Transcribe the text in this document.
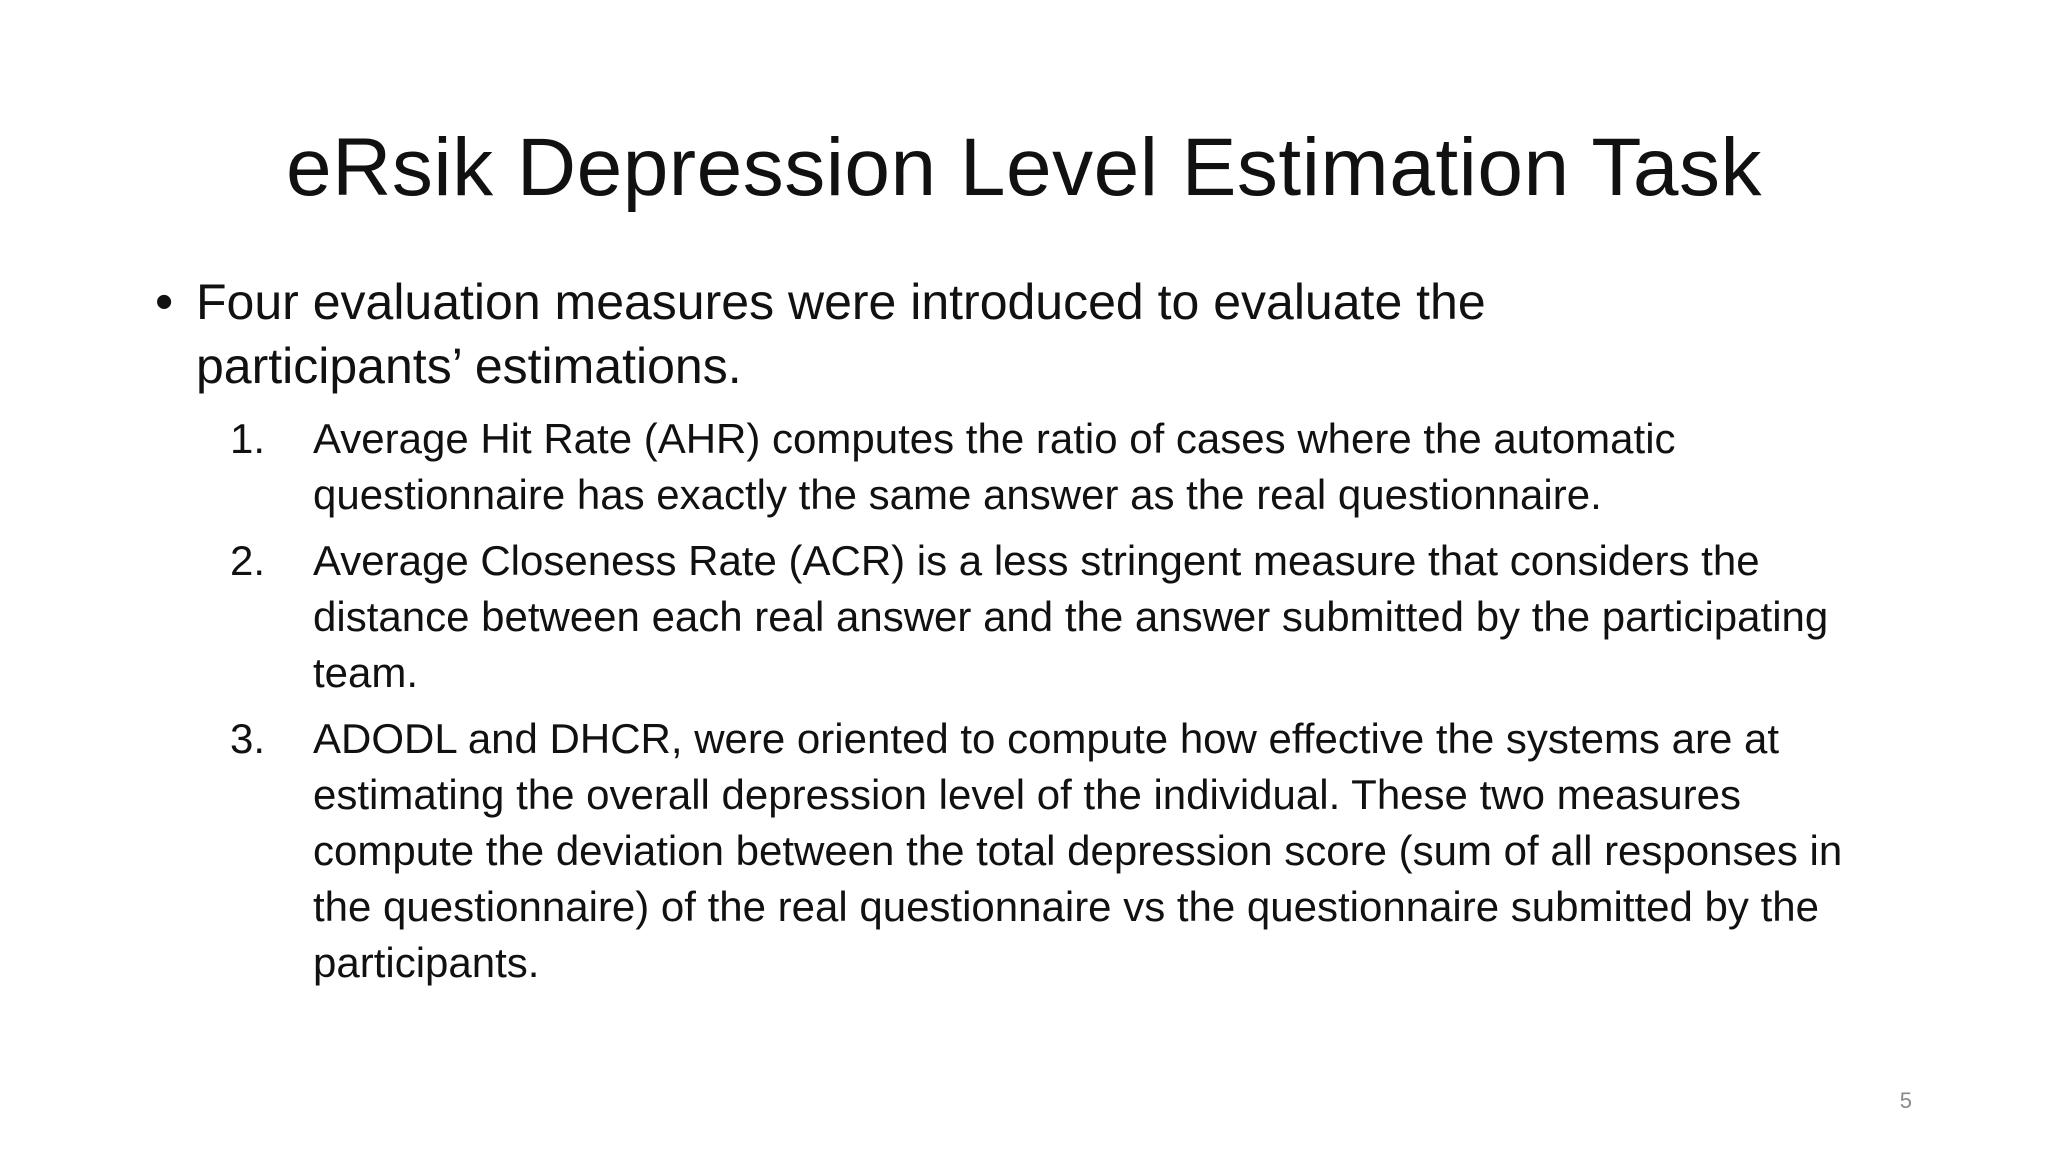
eRsik Depression Level Estimation Task
• Four evaluation measures were introduced to evaluate the participants’ estimations.
1.	Average Hit Rate (AHR) computes the ratio of cases where the automatic questionnaire has exactly the same answer as the real questionnaire.
2.	Average Closeness Rate (ACR) is a less stringent measure that considers the distance between each real answer and the answer submitted by the participating team.
3.	ADODL and DHCR, were oriented to compute how effective the systems are at estimating the overall depression level of the individual. These two measures compute the deviation between the total depression score (sum of all responses in the questionnaire) of the real questionnaire vs the questionnaire submitted by the participants.
5
